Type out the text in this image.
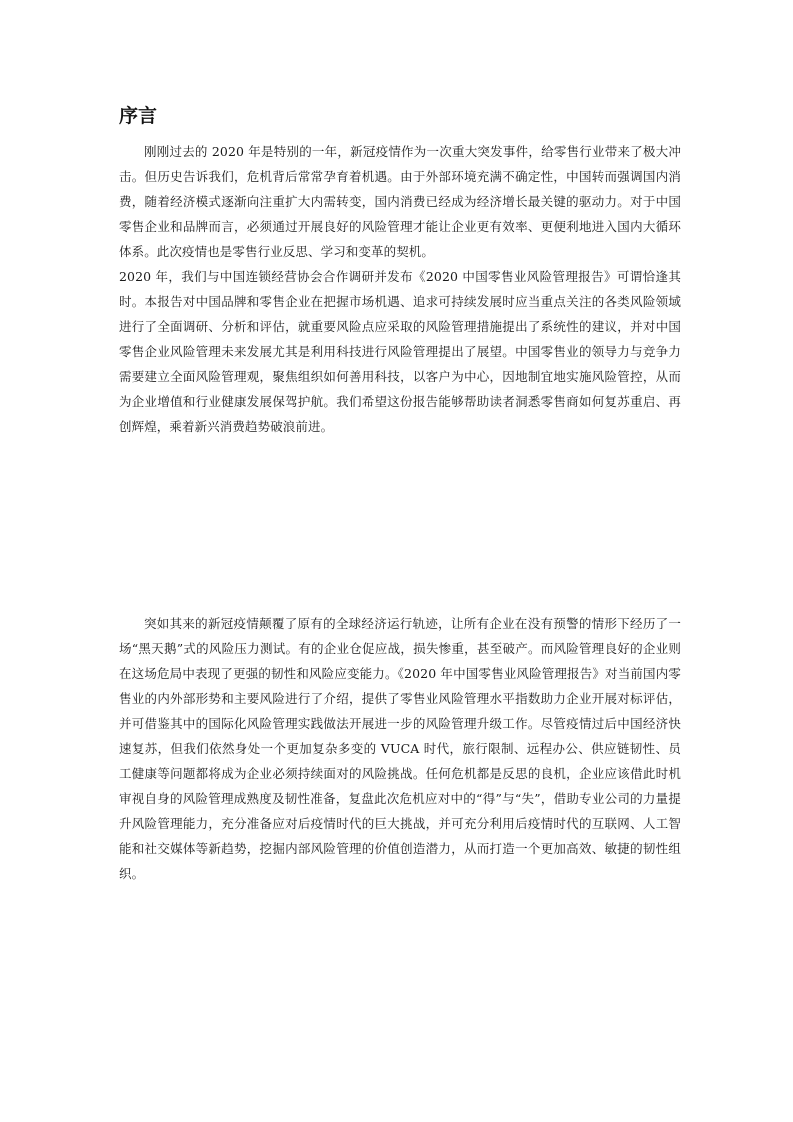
序言

刚刚过去的 2020 年是特别的一年，新冠疫情作为一次重大突发事件，给零售行业带来了极大冲击。但历史告诉我们，危机背后常常孕育着机遇。由于外部环境充满不确定性，中国转而强调国内消费，随着经济模式逐渐向注重扩大内需转变，国内消费已经成为经济增长最关键的驱动力。对于中国零售企业和品牌而言，必须通过开展良好的风险管理才能让企业更有效率、更便利地进入国内大循环体系。此次疫情也是零售行业反思、学习和变革的契机。

2020 年，我们与中国连锁经营协会合作调研并发布《2020 中国零售业风险管理报告》可谓恰逢其时。本报告对中国品牌和零售企业在把握市场机遇、追求可持续发展时应当重点关注的各类风险领域进行了全面调研、分析和评估，就重要风险点应采取的风险管理措施提出了系统性的建议，并对中国零售企业风险管理未来发展尤其是利用科技进行风险管理提出了展望。中国零售业的领导力与竞争力需要建立全面风险管理观，聚焦组织如何善用科技，以客户为中心，因地制宜地实施风险管控，从而为企业增值和行业健康发展保驾护航。我们希望这份报告能够帮助读者洞悉零售商如何复苏重启、再创辉煌，乘着新兴消费趋势破浪前进。

突如其来的新冠疫情颠覆了原有的全球经济运行轨迹，让所有企业在没有预警的情形下经历了一场“黑天鹅”式的风险压力测试。有的企业仓促应战，损失惨重，甚至破产。而风险管理良好的企业则在这场危局中表现了更强的韧性和风险应变能力。《2020 年中国零售业风险管理报告》对当前国内零售业的内外部形势和主要风险进行了介绍，提供了零售业风险管理水平指数助力企业开展对标评估，并可借鉴其中的国际化风险管理实践做法开展进一步的风险管理升级工作。尽管疫情过后中国经济快速复苏，但我们依然身处一个更加复杂多变的 VUCA 时代，旅行限制、远程办公、供应链韧性、员工健康等问题都将成为企业必须持续面对的风险挑战。任何危机都是反思的良机，企业应该借此时机审视自身的风险管理成熟度及韧性准备，复盘此次危机应对中的“得”与“失”，借助专业公司的力量提升风险管理能力，充分准备应对后疫情时代的巨大挑战，并可充分利用后疫情时代的互联网、人工智能和社交媒体等新趋势，挖掘内部风险管理的价值创造潜力，从而打造一个更加高效、敏捷的韧性组织。
